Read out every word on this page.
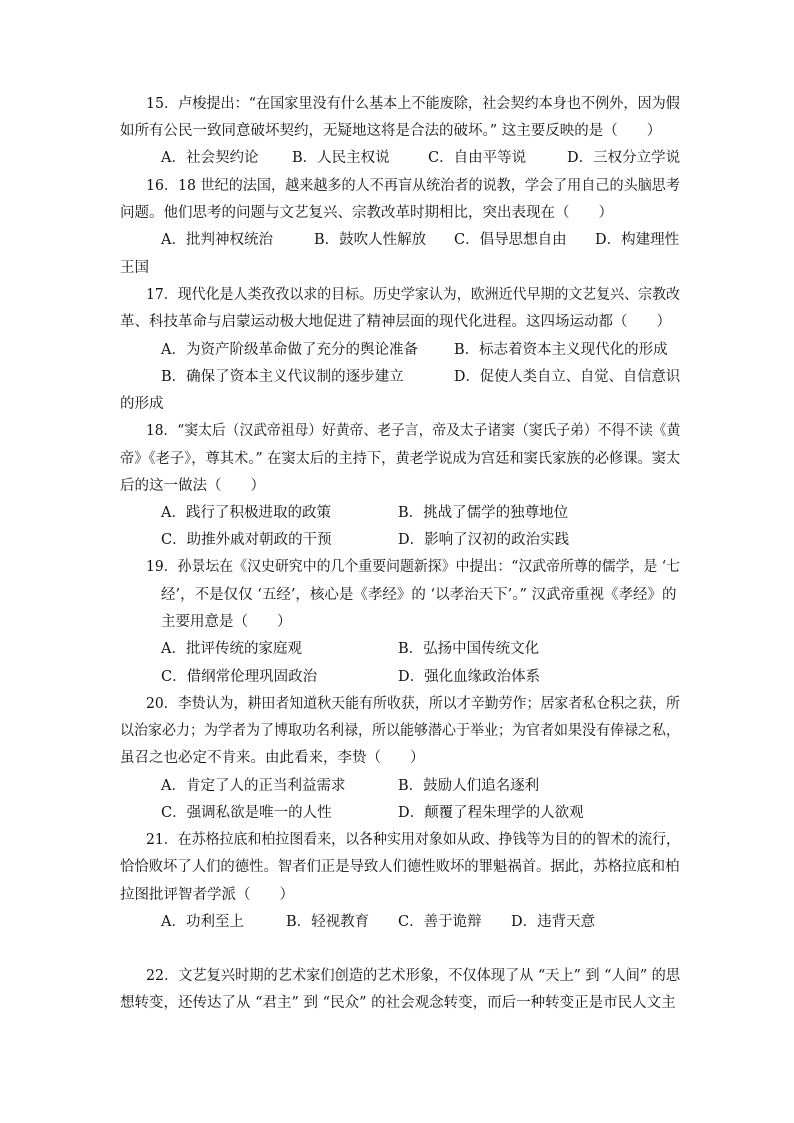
15．卢梭提出：“在国家里没有什么基本上不能废除，社会契约本身也不例外，因为假
如所有公民一致同意破坏契约，无疑地这将是合法的破坏。” 这主要反映的是（　　）
A．社会契约论 B．人民主权说	C．自由平等说	D．三权分立学说
16．18 世纪的法国，越来越多的人不再盲从统治者的说教，学会了用自己的头脑思考
问题。他们思考的问题与文艺复兴、宗教改革时期相比，突出表现在（　　）
A．批判神权统治	B．鼓吹人性解放 C．倡导思想自由 D．构建理性
王国
17．现代化是人类孜孜以求的目标。历史学家认为，欧洲近代早期的文艺复兴、宗教改
革、科技革命与启蒙运动极大地促进了精神层面的现代化进程。这四场运动都（　　）
A．为资产阶级革命做了充分的舆论准备 B．标志着资本主义现代化的形成
B．确保了资本主义代议制的逐步建立	D．促使人类自立、自觉、自信意识
的形成
18．“窦太后（汉武帝祖母）好黄帝、老子言，帝及太子诸窦（窦氏子弟）不得不读《黄
帝》《老子》，尊其术。” 在窦太后的主持下，黄老学说成为宫廷和窦氏家族的必修课。窦太
后的这一做法（　　）
A．践行了积极进取的政策	B．挑战了儒学的独尊地位
C．助推外戚对朝政的干预	D．影响了汉初的政治实践
19．孙景坛在《汉史研究中的几个重要问题新探》中提出：“汉武帝所尊的儒学，是 ‘七
经’，不是仅仅 ‘五经’，核心是《孝经》的 ‘以孝治天下’。” 汉武帝重视《孝经》的
主要用意是（　　）
A．批评传统的家庭观	B．弘扬中国传统文化
C．借纲常伦理巩固政治	D．强化血缘政治体系
20．李贽认为，耕田者知道秋天能有所收获，所以才辛勤劳作；居家者私仓积之获，所
以治家必力；为学者为了博取功名利禄，所以能够潜心于举业；为官者如果没有俸禄之私，
虽召之也必定不肯来。由此看来，李贽（　　）
A．肯定了人的正当利益需求	B．鼓励人们追名逐利
C．强调私欲是唯一的人性	D．颠覆了程朱理学的人欲观
21．在苏格拉底和柏拉图看来，以各种实用对象如从政、挣钱等为目的的智术的流行，
恰恰败坏了人们的德性。智者们正是导致人们德性败坏的罪魁祸首。据此，苏格拉底和柏
拉图批评智者学派（　　）
A．功利至上	B．轻视教育 C．善于诡辩 D．违背天意
22．文艺复兴时期的艺术家们创造的艺术形象，不仅体现了从 “天上” 到 “人间” 的思
想转变，还传达了从 “君主” 到 “民众” 的社会观念转变，而后一种转变正是市民人文主
